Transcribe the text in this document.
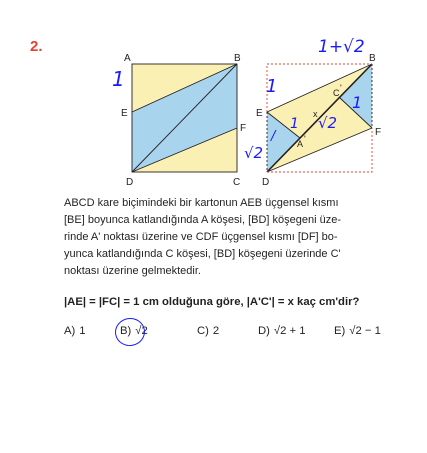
2.
A	B
E
F
D	C
B
E
F
D
A '
C '
x
1
1+√2
1
1
1 √2
√2
/
ABCD kare biçimindeki bir kartonun AEB üçgensel kısmı
[BE] boyunca katlandığında A köşesi, [BD] köşegeni üze-
rinde A' noktası üzerine ve CDF üçgensel kısmı [DF] bo-
yunca katlandığında C köşesi, [BD] köşegeni üzerinde C'
noktası üzerine gelmektedir.
|AE| = |FC| = 1 cm olduğuna göre, |A'C'| = x kaç cm'dir?
A) 1	B) √2	C) 2	D) √2 + 1	E) √2 − 1
